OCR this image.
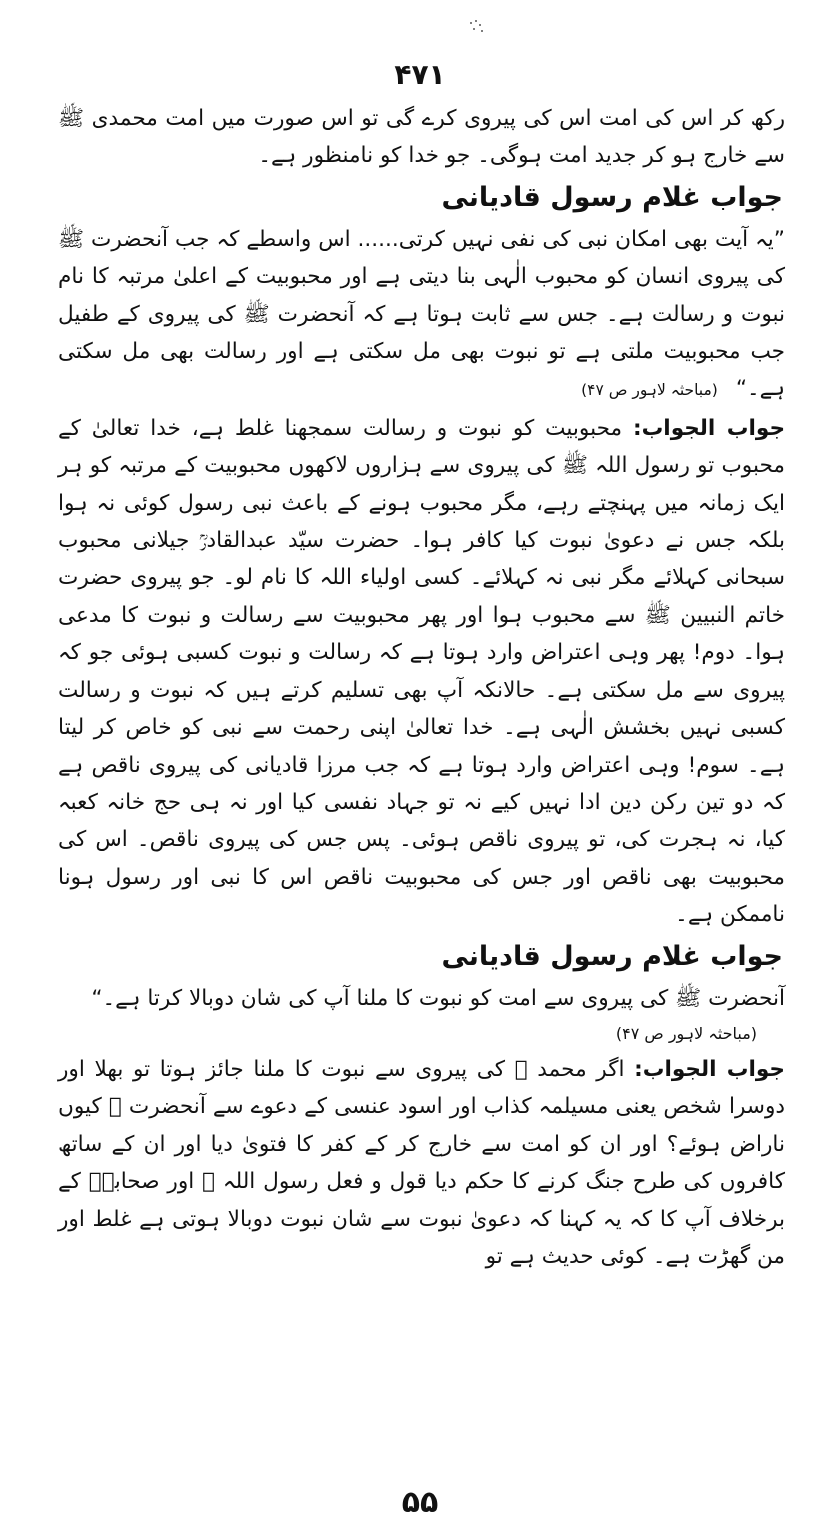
۴۷۱

رکھ کر اس کی امت اس کی پیروی کرے گی تو اس صورت میں امت محمدی ﷺ سے خارج ہو کر جدید امت ہوگی۔ جو خدا کو نامنظور ہے۔

جواب غلام رسول قادیانی

”یہ آیت بھی امکان نبی کی نفی نہیں کرتی...... اس واسطے کہ جب آنحضرت ﷺ کی پیروی انسان کو محبوب الٰہی بنا دیتی ہے اور محبوبیت کے اعلیٰ مرتبہ کا نام نبوت و رسالت ہے۔ جس سے ثابت ہوتا ہے کہ آنحضرت ﷺ کی پیروی کے طفیل جب محبوبیت ملتی ہے تو نبوت بھی مل سکتی ہے اور رسالت بھی مل سکتی ہے۔“(مباحثہ لاہور ص ۴۷)

جواب الجواب: محبوبیت کو نبوت و رسالت سمجھنا غلط ہے، خدا تعالیٰ کے محبوب تو رسول اللہ ﷺ کی پیروی سے ہزاروں لاکھوں محبوبیت کے مرتبہ کو ہر ایک زمانہ میں پہنچتے رہے، مگر محبوب ہونے کے باعث نبی رسول کوئی نہ ہوا بلکہ جس نے دعویٰ نبوت کیا کافر ہوا۔ حضرت سیّد عبدالقادرؒ جیلانی محبوب سبحانی کہلائے مگر نبی نہ کہلائے۔ کسی اولیاء اللہ کا نام لو۔ جو پیروی حضرت خاتم النبیین ﷺ سے محبوب ہوا اور پھر محبوبیت سے رسالت و نبوت کا مدعی ہوا۔ دوم! پھر وہی اعتراض وارد ہوتا ہے کہ رسالت و نبوت کسبی ہوئی جو کہ پیروی سے مل سکتی ہے۔ حالانکہ آپ بھی تسلیم کرتے ہیں کہ نبوت و رسالت کسبی نہیں بخشش الٰہی ہے۔ خدا تعالیٰ اپنی رحمت سے نبی کو خاص کر لیتا ہے۔ سوم! وہی اعتراض وارد ہوتا ہے کہ جب مرزا قادیانی کی پیروی ناقص ہے کہ دو تین رکن دین ادا نہیں کیے نہ تو جہاد نفسی کیا اور نہ ہی حج خانہ کعبہ کیا، نہ ہجرت کی، تو پیروی ناقص ہوئی۔ پس جس کی پیروی ناقص۔ اس کی محبوبیت بھی ناقص اور جس کی محبوبیت ناقص اس کا نبی اور رسول ہونا ناممکن ہے۔

جواب غلام رسول قادیانی

آنحضرت ﷺ کی پیروی سے امت کو نبوت کا ملنا آپ کی شان دوبالا کرتا ہے۔“

(مباحثہ لاہور ص ۴۷)

جواب الجواب: اگر محمد ﷺ کی پیروی سے نبوت کا ملنا جائز ہوتا تو بھلا اور دوسرا شخص یعنی مسیلمہ کذاب اور اسود عنسی کے دعوے سے آنحضرت ﷺ کیوں ناراض ہوئے؟ اور ان کو امت سے خارج کر کے کفر کا فتویٰ دیا اور ان کے ساتھ کافروں کی طرح جنگ کرنے کا حکم دیا قول و فعل رسول اللہ ﷺ اور صحابہؓ کے برخلاف آپ کا کہ یہ کہنا کہ دعویٰ نبوت سے شان نبوت دوبالا ہوتی ہے غلط اور من گھڑت ہے۔ کوئی حدیث ہے تو

۵۵
